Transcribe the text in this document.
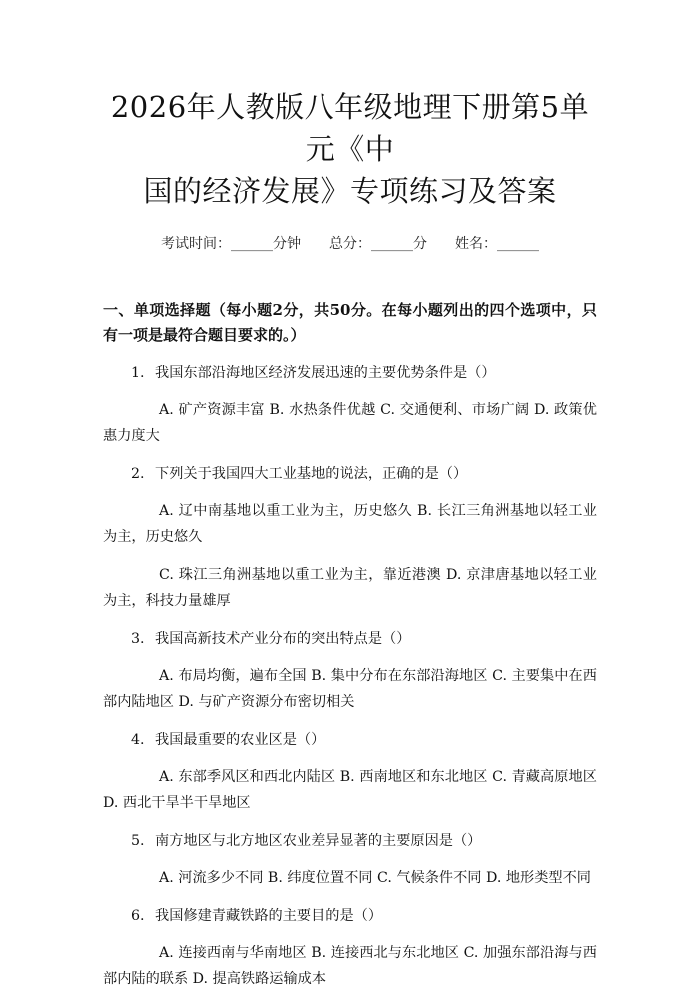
2026年人教版八年级地理下册第5单元《中
国的经济发展》专项练习及答案
考试时间：______分钟 总分：______分 姓名：______
一、单项选择题（每小题2分，共50分。在每小题列出的四个选项中，只有一项是最符合题目要求的。）
1. 我国东部沿海地区经济发展迅速的主要优势条件是（）
A. 矿产资源丰富 B. 水热条件优越 C. 交通便利、市场广阔 D. 政策优惠力度大
2. 下列关于我国四大工业基地的说法，正确的是（）
A. 辽中南基地以重工业为主，历史悠久 B. 长江三角洲基地以轻工业为主，历史悠久
C. 珠江三角洲基地以重工业为主，靠近港澳 D. 京津唐基地以轻工业为主，科技力量雄厚
3. 我国高新技术产业分布的突出特点是（）
A. 布局均衡，遍布全国 B. 集中分布在东部沿海地区 C. 主要集中在西部内陆地区 D. 与矿产资源分布密切相关
4. 我国最重要的农业区是（）
A. 东部季风区和西北内陆区 B. 西南地区和东北地区 C. 青藏高原地区 D. 西北干旱半干旱地区
5. 南方地区与北方地区农业差异显著的主要原因是（）
A. 河流多少不同 B. 纬度位置不同 C. 气候条件不同 D. 地形类型不同
6. 我国修建青藏铁路的主要目的是（）
A. 连接西南与华南地区 B. 连接西北与东北地区 C. 加强东部沿海与西部内陆的联系 D. 提高铁路运输成本
